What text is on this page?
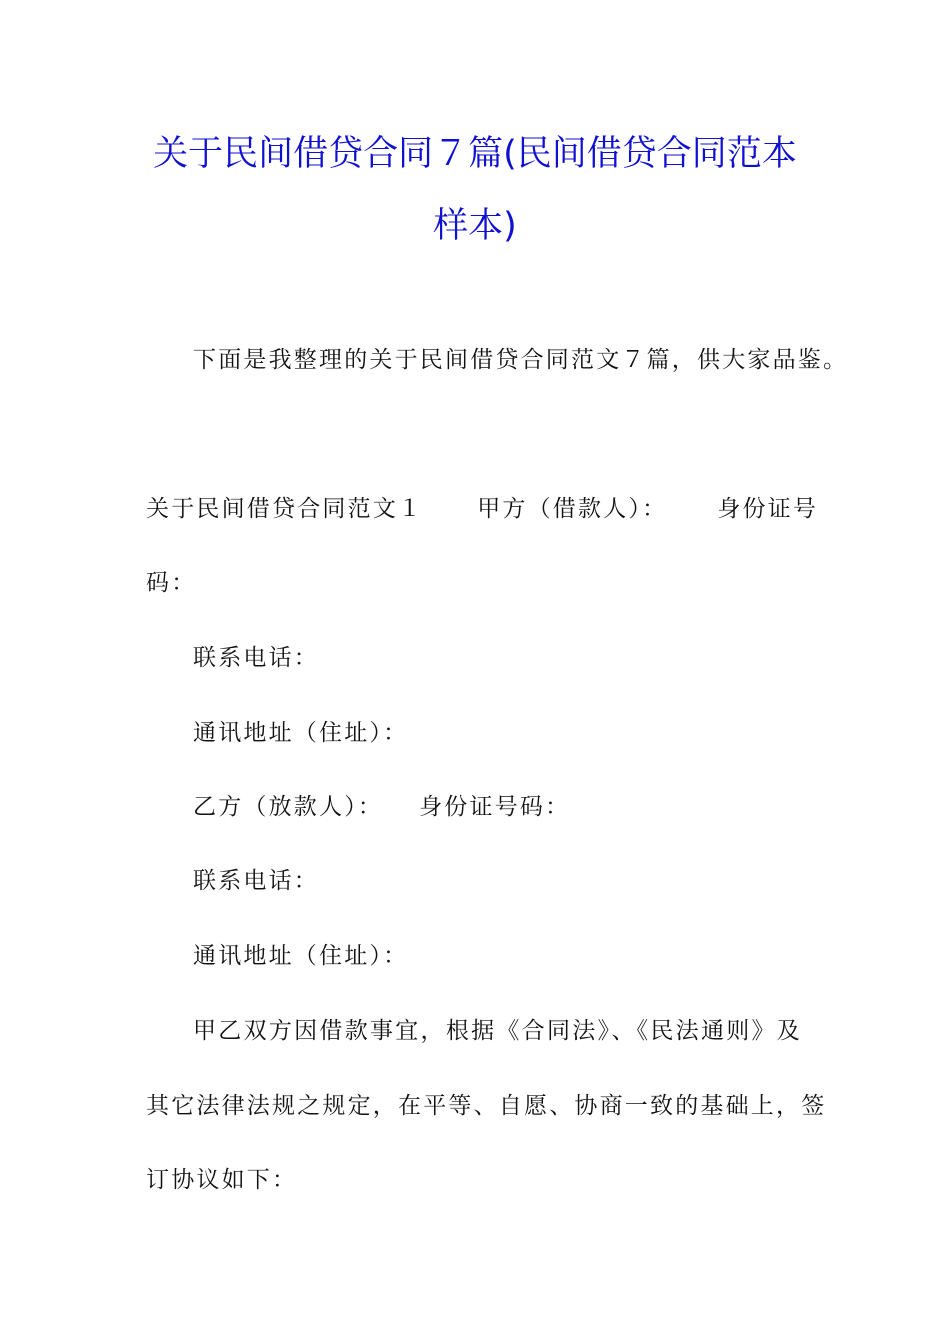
关于民间借贷合同７篇(民间借贷合同范本
样本)
下面是我整理的关于民间借贷合同范文７篇，供大家品鉴。
关于民间借贷合同范文１ 甲方（借款人）： 身份证号
码：
联系电话：
通讯地址（住址）：
乙方（放款人）： 身份证号码：
联系电话：
通讯地址（住址）：
甲乙双方因借款事宜，根据《合同法》、《民法通则》及
其它法律法规之规定，在平等、自愿、协商一致的基础上，签
订协议如下：
